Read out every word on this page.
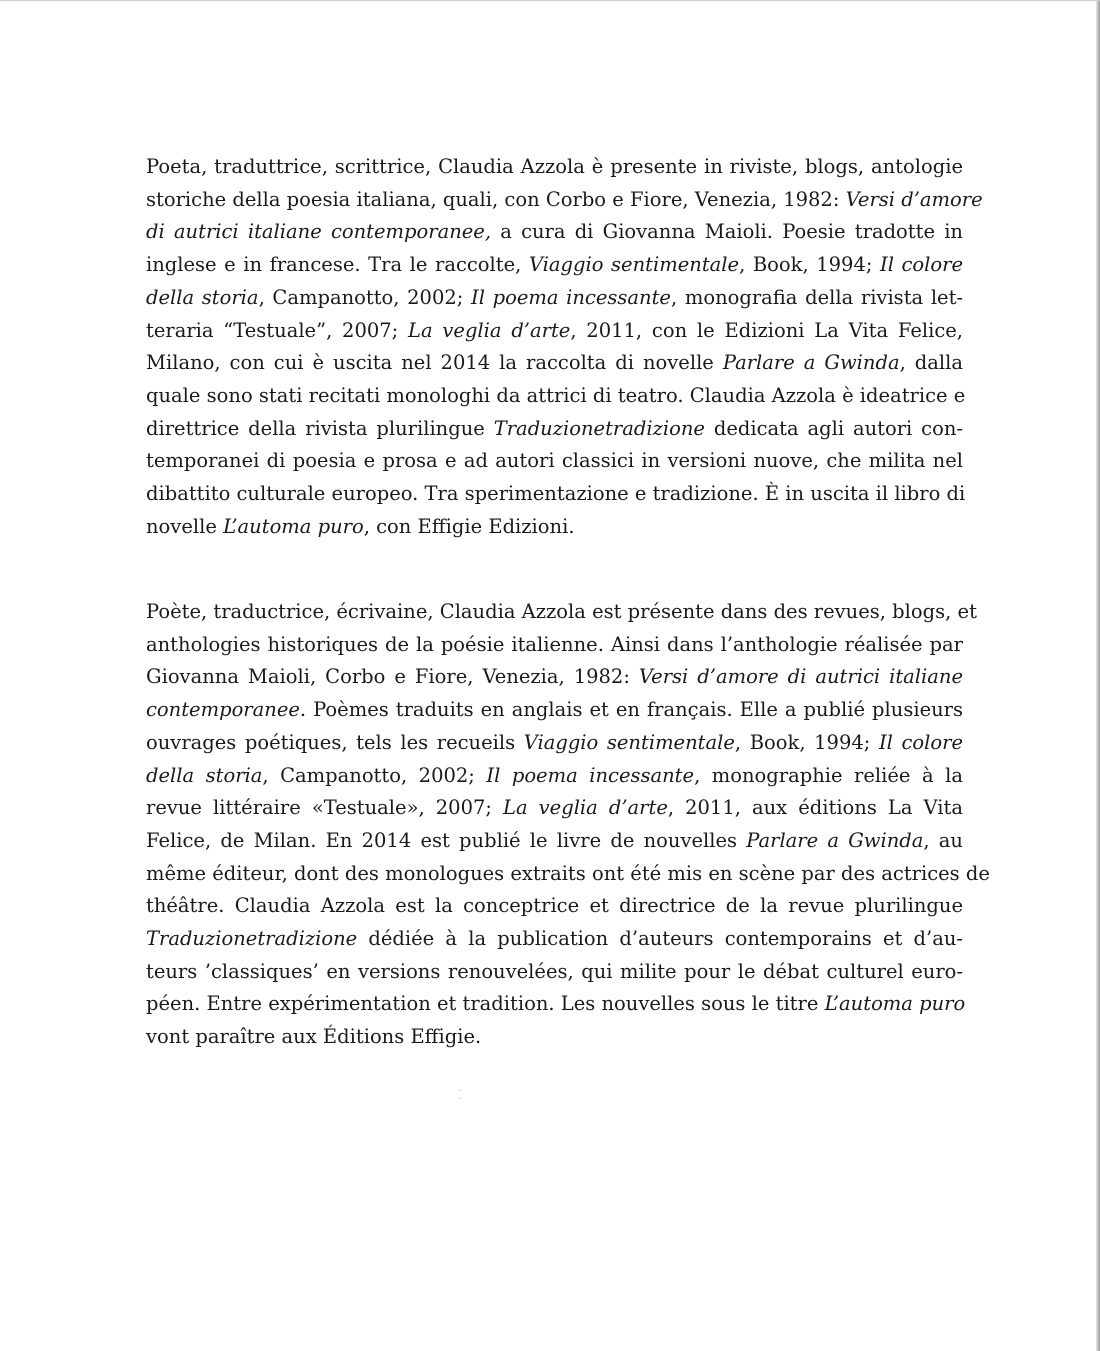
Poeta, traduttrice, scrittrice, Claudia Azzola è presente in riviste, blogs, antologie
storiche della poesia italiana, quali, con Corbo e Fiore, Venezia, 1982: Versi d’amore
di autrici italiane contemporanee, a cura di Giovanna Maioli. Poesie tradotte in
inglese e in francese. Tra le raccolte, Viaggio sentimentale, Book, 1994; Il colore
della storia, Campanotto, 2002; Il poema incessante, monografia della rivista let-
teraria “Testuale”, 2007; La veglia d’arte, 2011, con le Edizioni La Vita Felice,
Milano, con cui è uscita nel 2014 la raccolta di novelle Parlare a Gwinda, dalla
quale sono stati recitati monologhi da attrici di teatro. Claudia Azzola è ideatrice e
direttrice della rivista plurilingue Traduzionetradizione dedicata agli autori con-
temporanei di poesia e prosa e ad autori classici in versioni nuove, che milita nel
dibattito culturale europeo. Tra sperimentazione e tradizione. È in uscita il libro di
novelle L’automa puro, con Effigie Edizioni.
Poète, traductrice, écrivaine, Claudia Azzola est présente dans des revues, blogs, et
anthologies historiques de la poésie italienne. Ainsi dans l’anthologie réalisée par
Giovanna Maioli, Corbo e Fiore, Venezia, 1982: Versi d’amore di autrici italiane
contemporanee. Poèmes traduits en anglais et en français. Elle a publié plusieurs
ouvrages poétiques, tels les recueils Viaggio sentimentale, Book, 1994; Il colore
della storia, Campanotto, 2002; Il poema incessante, monographie reliée à la
revue littéraire «Testuale», 2007; La veglia d’arte, 2011, aux éditions La Vita
Felice, de Milan. En 2014 est publié le livre de nouvelles Parlare a Gwinda, au
même éditeur, dont des monologues extraits ont été mis en scène par des actrices de
théâtre. Claudia Azzola est la conceptrice et directrice de la revue plurilingue
Traduzionetradizione dédiée à la publication d’auteurs contemporains et d’au-
teurs ’classiques’ en versions renouvelées, qui milite pour le débat culturel euro-
péen. Entre expérimentation et tradition. Les nouvelles sous le titre L’automa puro
vont paraître aux Éditions Effigie.
·
·
